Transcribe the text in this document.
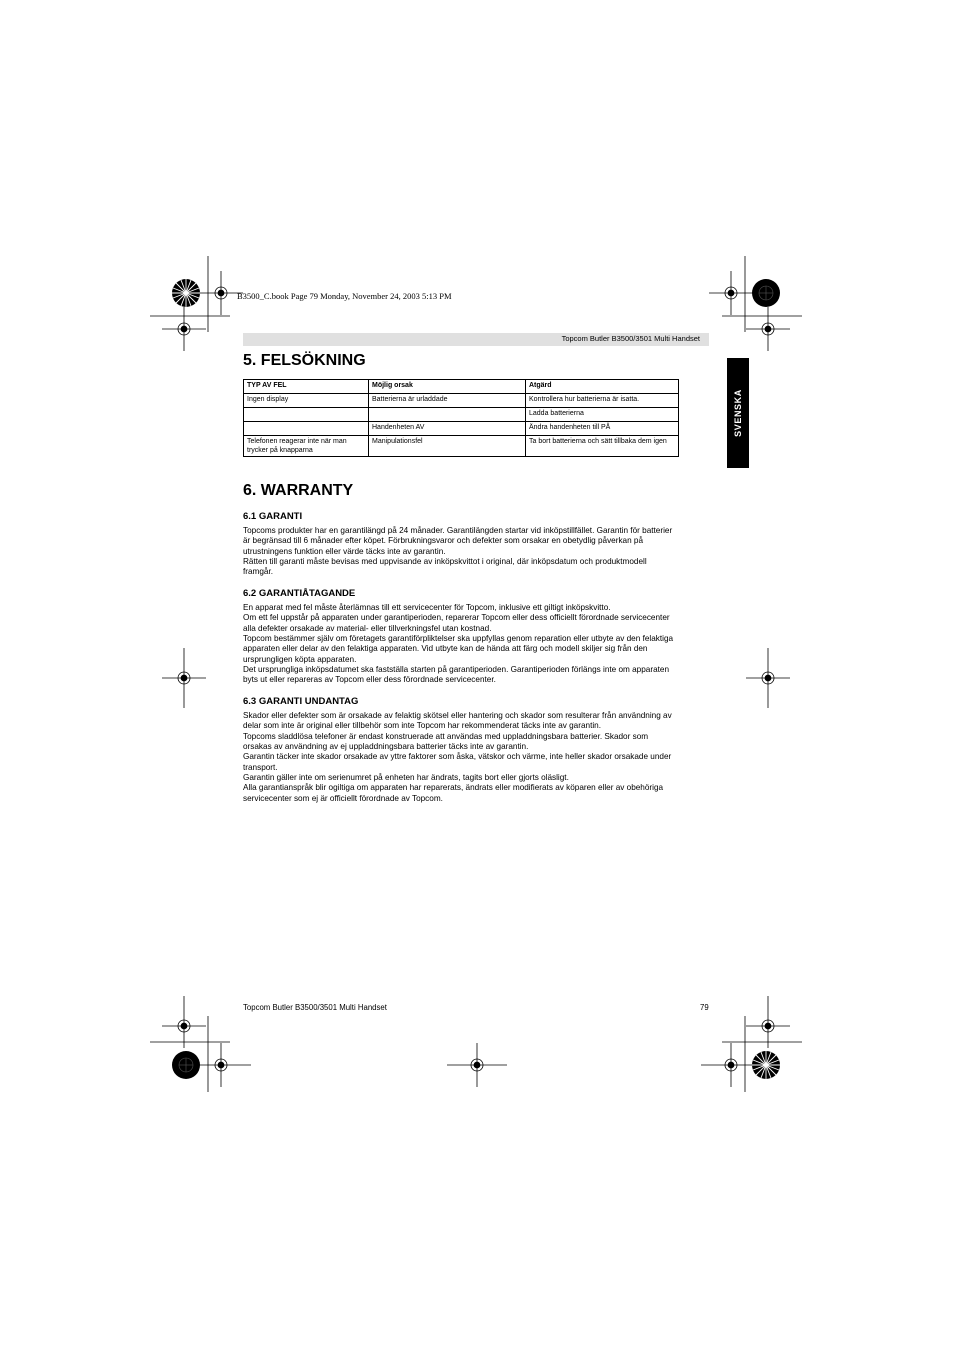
B3500_C.book Page 79 Monday, November 24, 2003 5:13 PM
Topcom Butler B3500/3501 Multi Handset
SVENSKA
5. FELSÖKNING
TYP AV FEL	Möjlig orsak	Atgärd
Ingen display	Batterierna är urladdade	Kontrollera hur batterierna är isatta.
		Ladda batterierna
	Handenheten AV	Ändra handenheten till PÅ
Telefonen reagerar inte när man trycker på knapparna	Manipulationsfel	Ta bort batterierna och sätt tillbaka dem igen
6. WARRANTY
6.1 GARANTI

Topcoms produkter har en garantilängd på 24 månader. Garantilängden startar vid inköpstillfället. Garantin för batterier

är begränsad till 6 månader efter köpet. Förbrukningsvaror och defekter som orsakar en obetydlig påverkan på

utrustningens funktion eller värde täcks inte av garantin.

Rätten till garanti måste bevisas med uppvisande av inköpskvittot i original, där inköpsdatum och produktmodell

framgår.

6.2 GARANTIÅTAGANDE

En apparat med fel måste återlämnas till ett servicecenter för Topcom, inklusive ett giltigt inköpskvitto.

Om ett fel uppstår på apparaten under garantiperioden, reparerar Topcom eller dess officiellt förordnade servicecenter

alla defekter orsakade av material- eller tillverkningsfel utan kostnad.

Topcom bestämmer själv om företagets garantiförpliktelser ska uppfyllas genom reparation eller utbyte av den felaktiga

apparaten eller delar av den felaktiga apparaten. Vid utbyte kan de hända att färg och modell skiljer sig från den

ursprungligen köpta apparaten.

Det ursprungliga inköpsdatumet ska fastställa starten på garantiperioden. Garantiperioden förlängs inte om apparaten

byts ut eller repareras av Topcom eller dess förordnade servicecenter.

6.3 GARANTI UNDANTAG

Skador eller defekter som är orsakade av felaktig skötsel eller hantering och skador som resulterar från användning av

delar som inte är original eller tillbehör som inte Topcom har rekommenderat täcks inte av garantin.

Topcoms sladdlösa telefoner är endast konstruerade att användas med uppladdningsbara batterier. Skador som

orsakas av användning av ej uppladdningsbara batterier täcks inte av garantin.

Garantin täcker inte skador orsakade av yttre faktorer som åska, vätskor och värme, inte heller skador orsakade under

transport.

Garantin gäller inte om serienumret på enheten har ändrats, tagits bort eller gjorts oläsligt.

Alla garantianspråk blir ogiltiga om apparaten har reparerats, ändrats eller modifierats av köparen eller av obehöriga

servicecenter som ej är officiellt förordnade av Topcom.

Topcom Butler B3500/3501 Multi Handset	79
